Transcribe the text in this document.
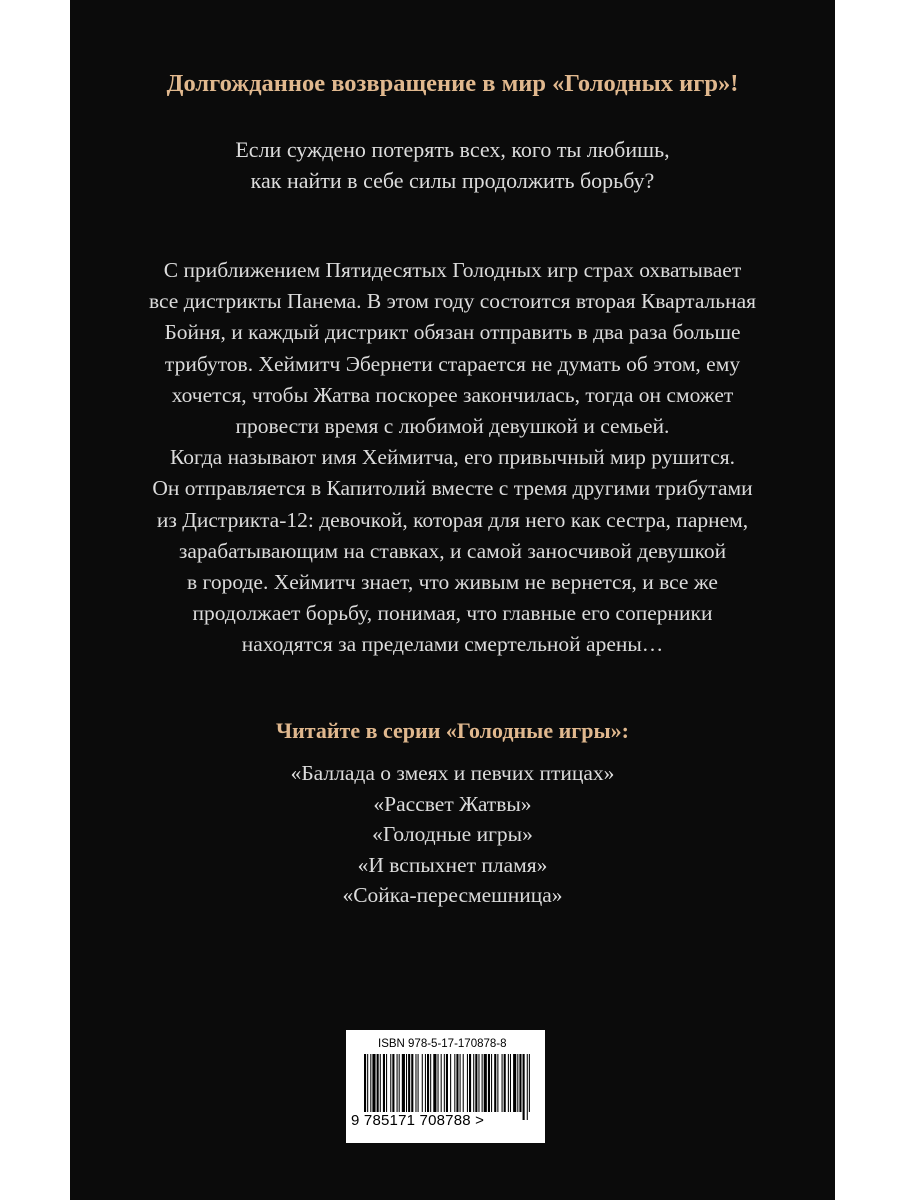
Долгожданное возвращение в мир «Голодных игр»!
Если суждено потерять всех, кого ты любишь,
как найти в себе силы продолжить борьбу?
С приближением Пятидесятых Голодных игр страх охватывает
все дистрикты Панема. В этом году состоится вторая Квартальная
Бойня, и каждый дистрикт обязан отправить в два раза больше
трибутов. Хеймитч Эбернети старается не думать об этом, ему
хочется, чтобы Жатва поскорее закончилась, тогда он сможет
провести время с любимой девушкой и семьей.
Когда называют имя Хеймитча, его привычный мир рушится.
Он отправляется в Капитолий вместе с тремя другими трибутами
из Дистрикта-12: девочкой, которая для него как сестра, парнем,
зарабатывающим на ставках, и самой заносчивой девушкой
в городе. Хеймитч знает, что живым не вернется, и все же
продолжает борьбу, понимая, что главные его соперники
находятся за пределами смертельной арены…
Читайте в серии «Голодные игры»:
«Баллада о змеях и певчих птицах»
«Рассвет Жатвы»
«Голодные игры»
«И вспыхнет пламя»
«Сойка-пересмешница»
ISBN 978-5-17-170878-8
9 785171 708788 >
